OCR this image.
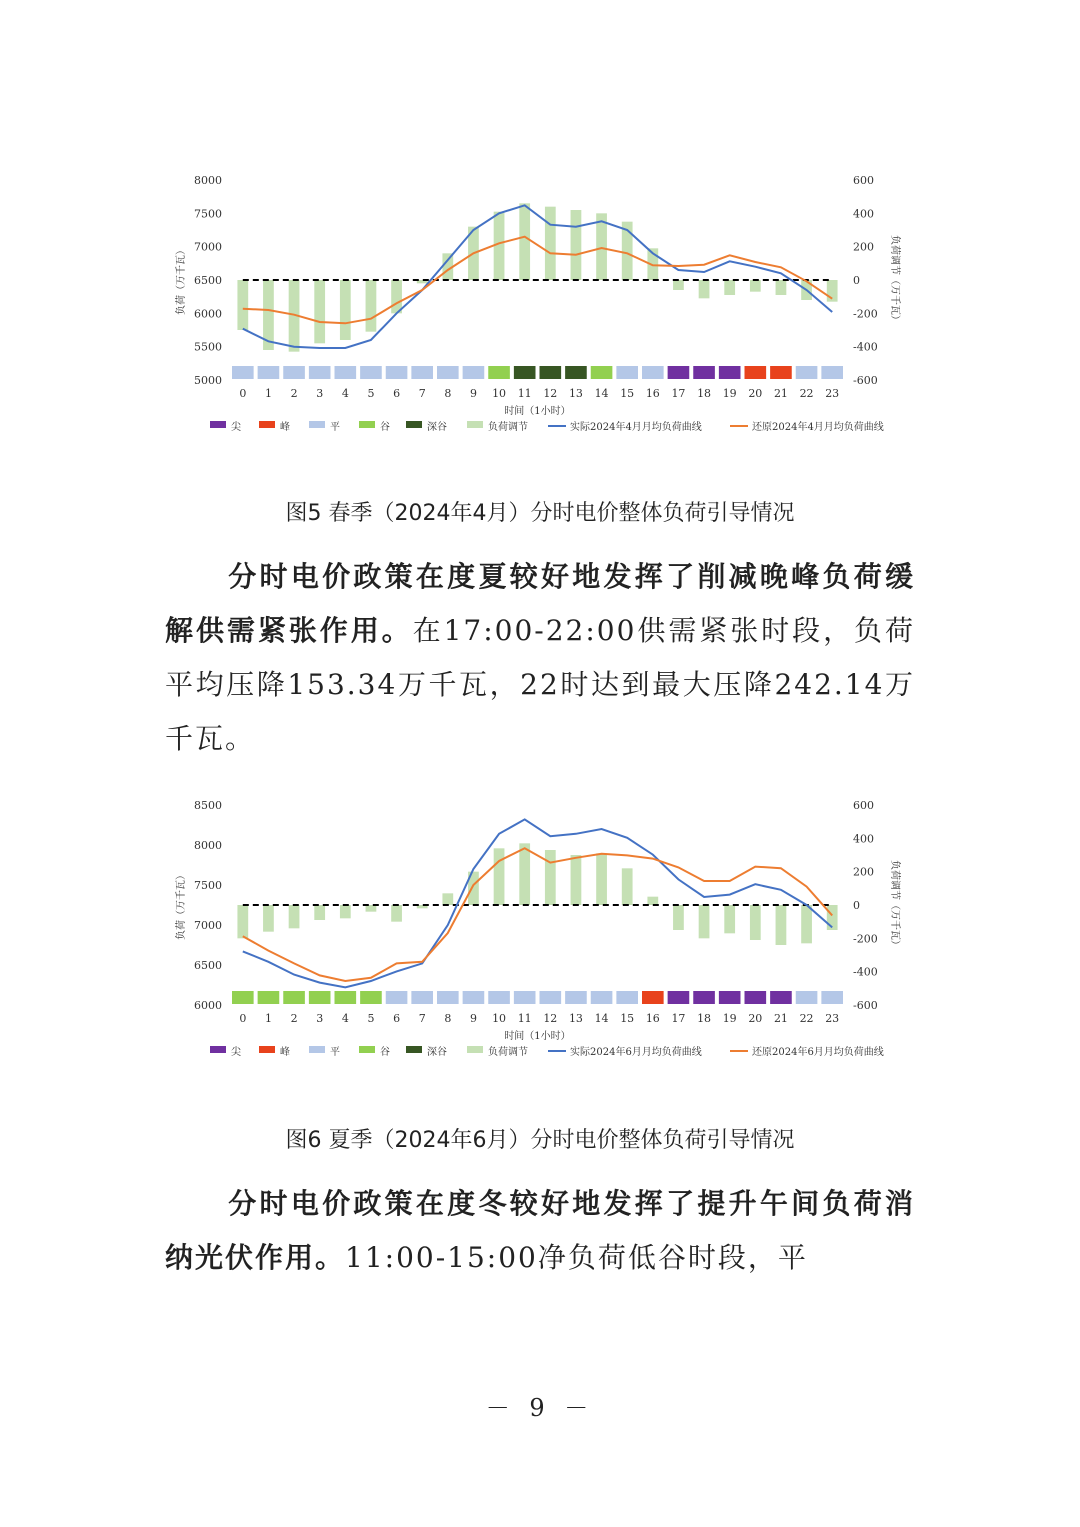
8000
7500
7000
6500
6000
5500
5000
600
400
200
0
-200
-400
-600
负荷（万千瓦）	负荷调节（万千瓦）
0 1 2 3 4 5 6 7 8 9 10 11 12 13 14 15 16 17 18 19 20 21 22 23
时间（1小时）
尖	峰	平	谷	深谷	负荷调节	实际2024年4月月均负荷曲线	还原2024年4月月均负荷曲线
图5 春季（2024年4月）分时电价整体负荷引导情况
分时电价政策在度夏较好地发挥了削减晚峰负荷缓解供需紧张作用。在17:00-22:00供需紧张时段，负荷平均压降153.34万千瓦，22时达到最大压降242.14万千瓦。
8500
8000
7500
7000
6500
6000
600
400
200
0
-200
-400
-600
负荷（万千瓦）	负荷调节（万千瓦）
0 1 2 3 4 5 6 7 8 9 10 11 12 13 14 15 16 17 18 19 20 21 22 23
时间（1小时）
尖	峰	平	谷	深谷	负荷调节	实际2024年6月月均负荷曲线	还原2024年6月月均负荷曲线
图6 夏季（2024年6月）分时电价整体负荷引导情况
分时电价政策在度冬较好地发挥了提升午间负荷消纳光伏作用。11:00-15:00净负荷低谷时段，平
－ 9 －
